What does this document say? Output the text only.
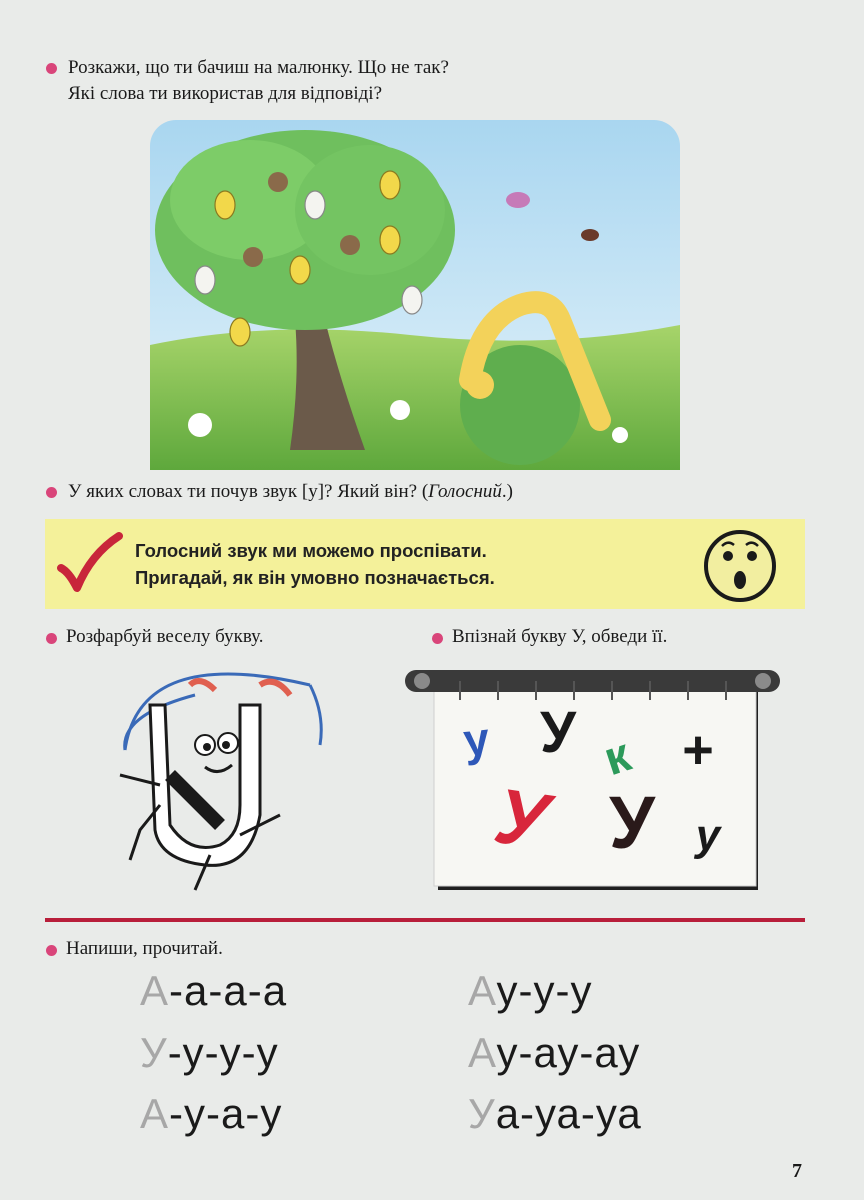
Розкажи, що ти бачиш на малюнку. Що не так?
Які слова ти використав для відповіді?
У яких словах ти почув звук [у]? Який він? (Голосний.)
Голосний звук ми можемо проспівати.
Пригадай, як він умовно позначається.
Розфарбуй веселу букву.	Впізнай букву У, обведи її.
у У к +
У У у
Напиши, прочитай.
А-а-а-а
У-у-у-у
А-у-а-у
Ау-у-у
Ау-ау-ау
Уа-уа-уа
7
